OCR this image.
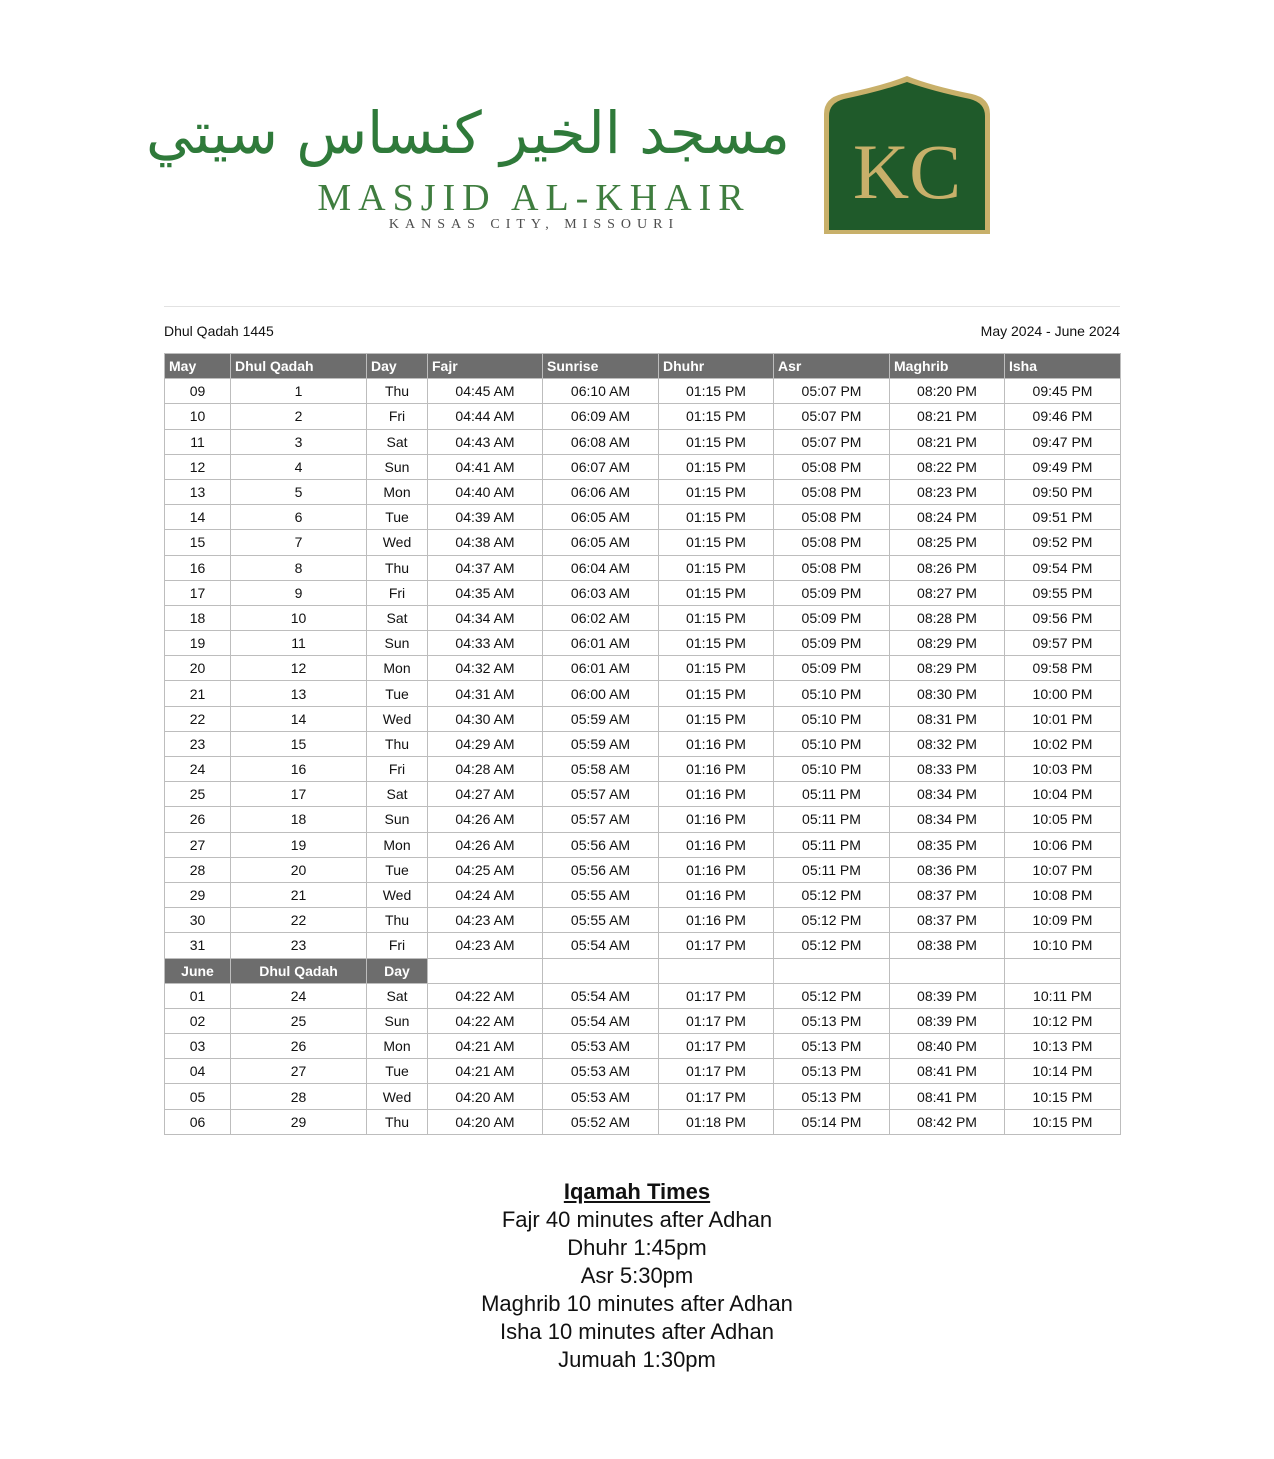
مسجد الخير كنساس سيتي
MASJID AL-KHAIR
KANSAS CITY, MISSOURI
KC
Dhul Qadah 1445	May 2024 - June 2024
May	Dhul Qadah	Day	Fajr	Sunrise	Dhuhr	Asr	Maghrib	Isha
09	1	Thu	04:45 AM	06:10 AM	01:15 PM	05:07 PM	08:20 PM	09:45 PM
10	2	Fri	04:44 AM	06:09 AM	01:15 PM	05:07 PM	08:21 PM	09:46 PM
11	3	Sat	04:43 AM	06:08 AM	01:15 PM	05:07 PM	08:21 PM	09:47 PM
12	4	Sun	04:41 AM	06:07 AM	01:15 PM	05:08 PM	08:22 PM	09:49 PM
13	5	Mon	04:40 AM	06:06 AM	01:15 PM	05:08 PM	08:23 PM	09:50 PM
14	6	Tue	04:39 AM	06:05 AM	01:15 PM	05:08 PM	08:24 PM	09:51 PM
15	7	Wed	04:38 AM	06:05 AM	01:15 PM	05:08 PM	08:25 PM	09:52 PM
16	8	Thu	04:37 AM	06:04 AM	01:15 PM	05:08 PM	08:26 PM	09:54 PM
17	9	Fri	04:35 AM	06:03 AM	01:15 PM	05:09 PM	08:27 PM	09:55 PM
18	10	Sat	04:34 AM	06:02 AM	01:15 PM	05:09 PM	08:28 PM	09:56 PM
19	11	Sun	04:33 AM	06:01 AM	01:15 PM	05:09 PM	08:29 PM	09:57 PM
20	12	Mon	04:32 AM	06:01 AM	01:15 PM	05:09 PM	08:29 PM	09:58 PM
21	13	Tue	04:31 AM	06:00 AM	01:15 PM	05:10 PM	08:30 PM	10:00 PM
22	14	Wed	04:30 AM	05:59 AM	01:15 PM	05:10 PM	08:31 PM	10:01 PM
23	15	Thu	04:29 AM	05:59 AM	01:16 PM	05:10 PM	08:32 PM	10:02 PM
24	16	Fri	04:28 AM	05:58 AM	01:16 PM	05:10 PM	08:33 PM	10:03 PM
25	17	Sat	04:27 AM	05:57 AM	01:16 PM	05:11 PM	08:34 PM	10:04 PM
26	18	Sun	04:26 AM	05:57 AM	01:16 PM	05:11 PM	08:34 PM	10:05 PM
27	19	Mon	04:26 AM	05:56 AM	01:16 PM	05:11 PM	08:35 PM	10:06 PM
28	20	Tue	04:25 AM	05:56 AM	01:16 PM	05:11 PM	08:36 PM	10:07 PM
29	21	Wed	04:24 AM	05:55 AM	01:16 PM	05:12 PM	08:37 PM	10:08 PM
30	22	Thu	04:23 AM	05:55 AM	01:16 PM	05:12 PM	08:37 PM	10:09 PM
31	23	Fri	04:23 AM	05:54 AM	01:17 PM	05:12 PM	08:38 PM	10:10 PM
June	Dhul Qadah	Day						
01	24	Sat	04:22 AM	05:54 AM	01:17 PM	05:12 PM	08:39 PM	10:11 PM
02	25	Sun	04:22 AM	05:54 AM	01:17 PM	05:13 PM	08:39 PM	10:12 PM
03	26	Mon	04:21 AM	05:53 AM	01:17 PM	05:13 PM	08:40 PM	10:13 PM
04	27	Tue	04:21 AM	05:53 AM	01:17 PM	05:13 PM	08:41 PM	10:14 PM
05	28	Wed	04:20 AM	05:53 AM	01:17 PM	05:13 PM	08:41 PM	10:15 PM
06	29	Thu	04:20 AM	05:52 AM	01:18 PM	05:14 PM	08:42 PM	10:15 PM
Iqamah Times
Fajr 40 minutes after Adhan
Dhuhr 1:45pm
Asr 5:30pm
Maghrib 10 minutes after Adhan
Isha 10 minutes after Adhan
Jumuah 1:30pm
